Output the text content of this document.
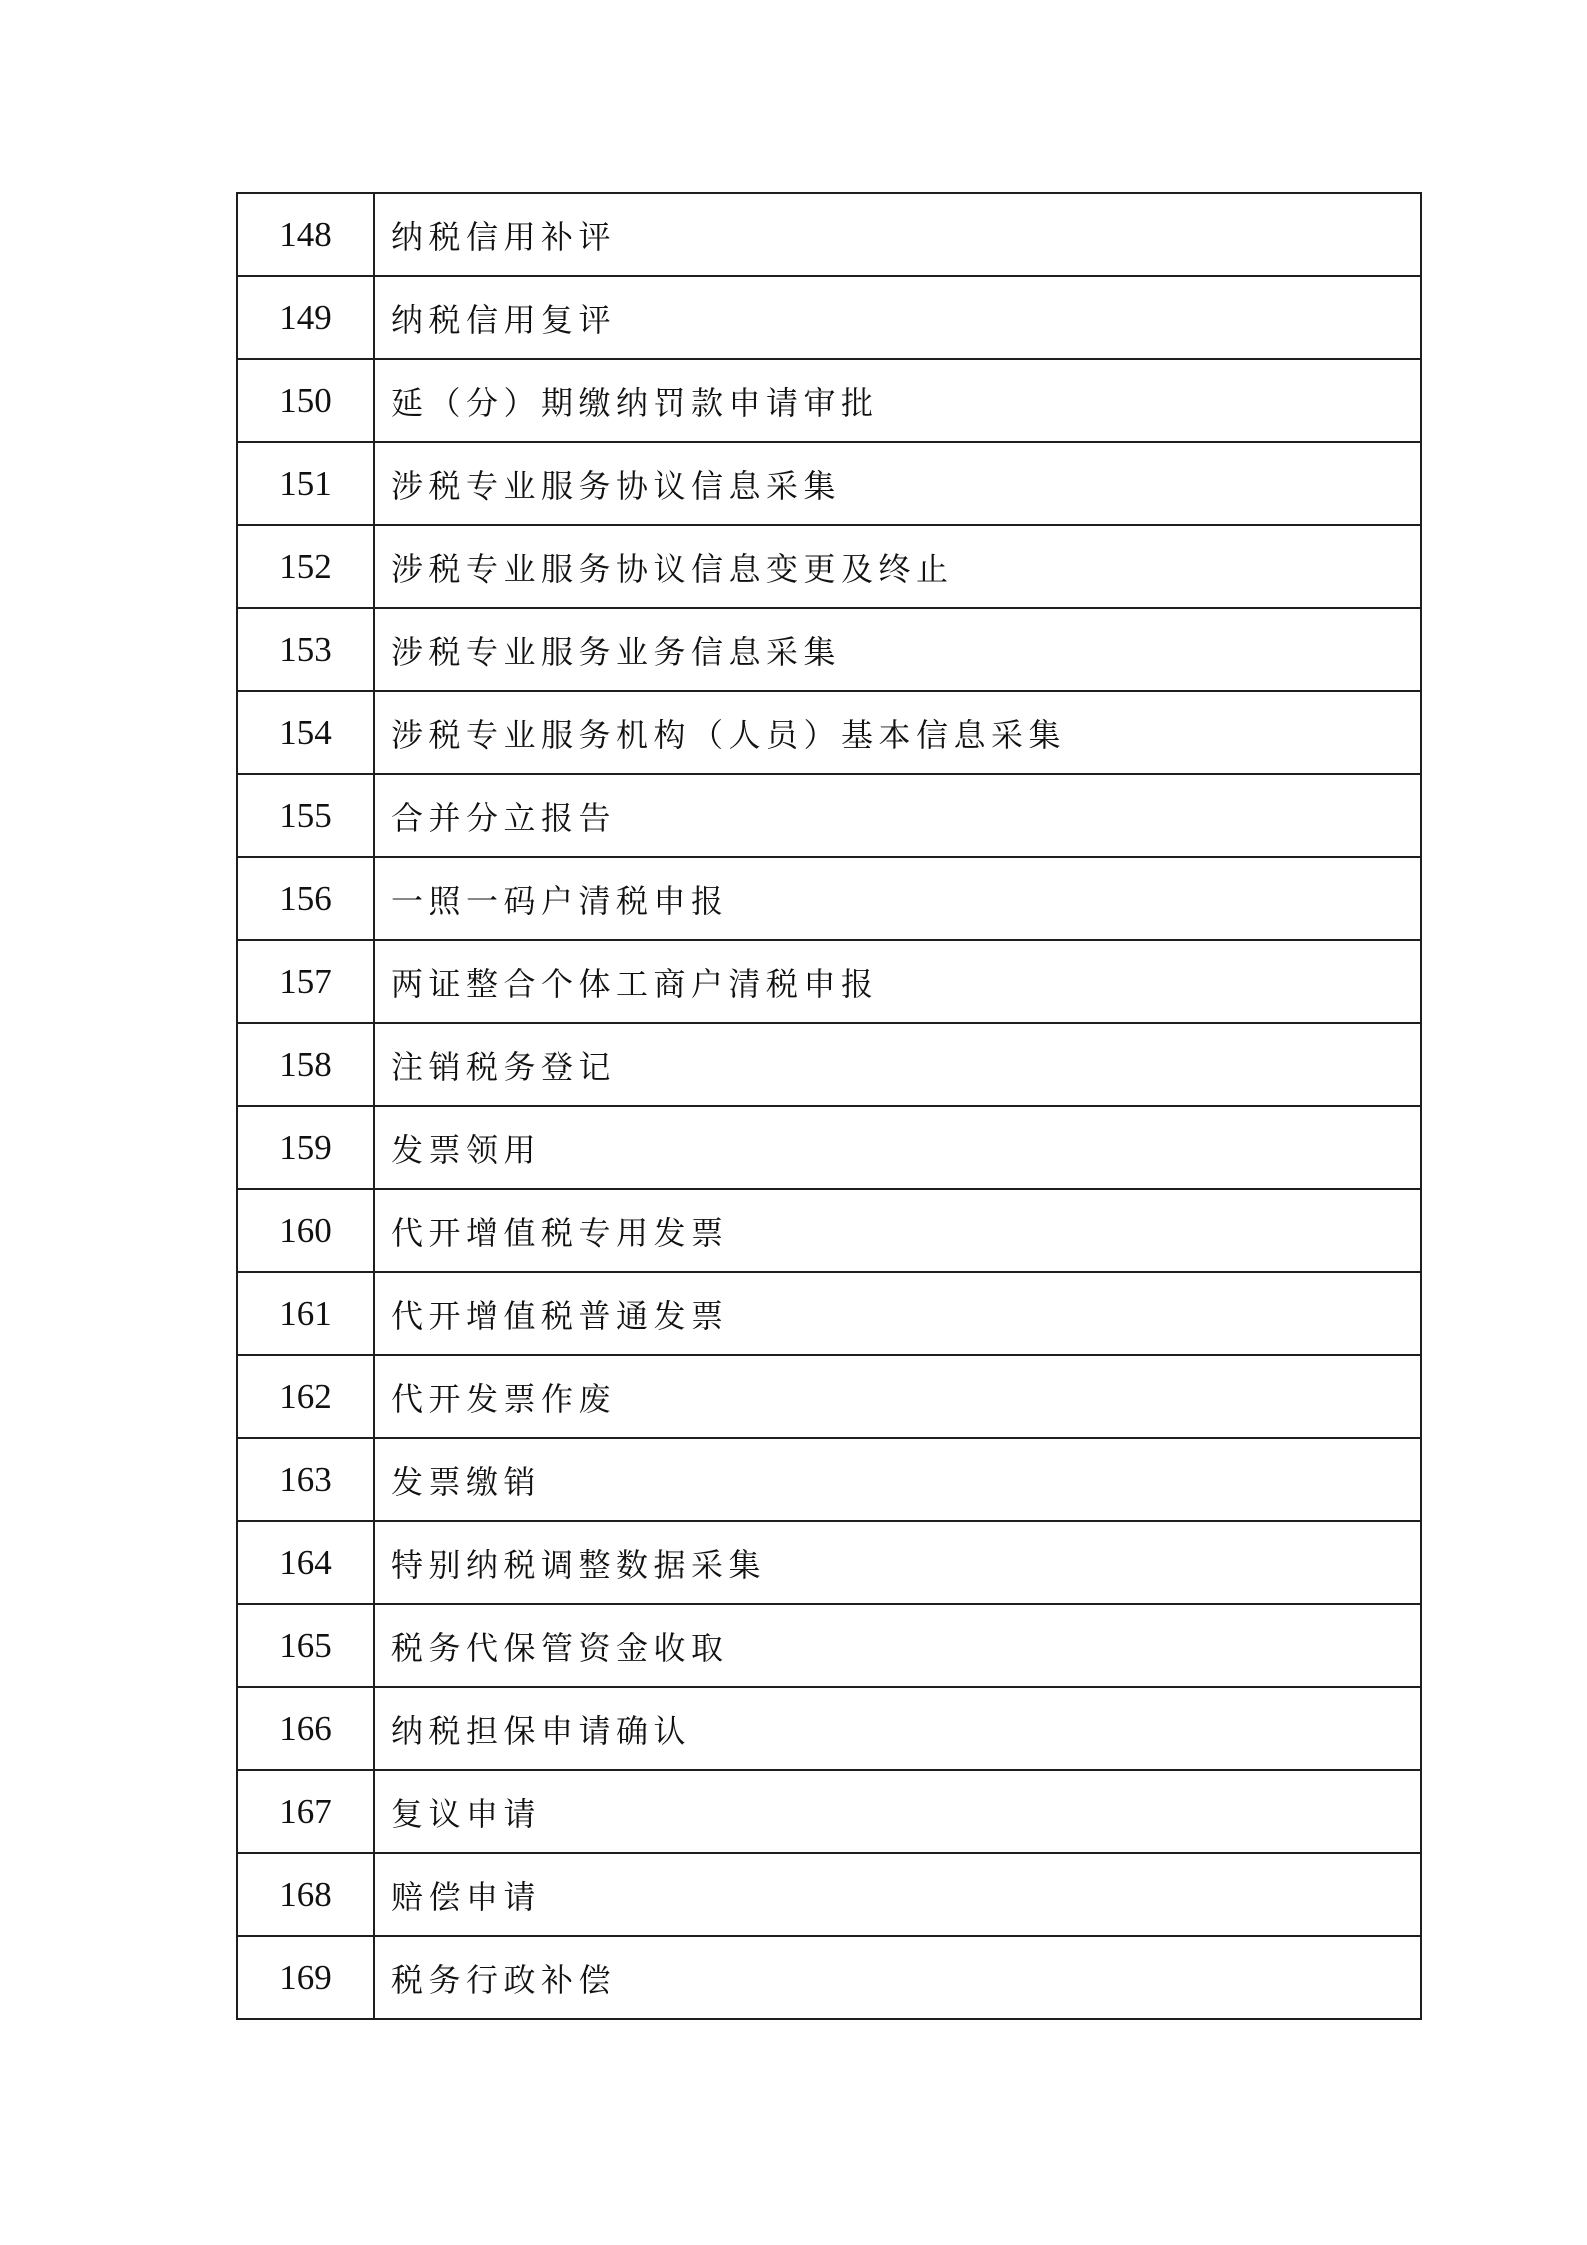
148	纳税信用补评
149	纳税信用复评
150	延（分）期缴纳罚款申请审批
151	涉税专业服务协议信息采集
152	涉税专业服务协议信息变更及终止
153	涉税专业服务业务信息采集
154	涉税专业服务机构（人员）基本信息采集
155	合并分立报告
156	一照一码户清税申报
157	两证整合个体工商户清税申报
158	注销税务登记
159	发票领用
160	代开增值税专用发票
161	代开增值税普通发票
162	代开发票作废
163	发票缴销
164	特别纳税调整数据采集
165	税务代保管资金收取
166	纳税担保申请确认
167	复议申请
168	赔偿申请
169	税务行政补偿
